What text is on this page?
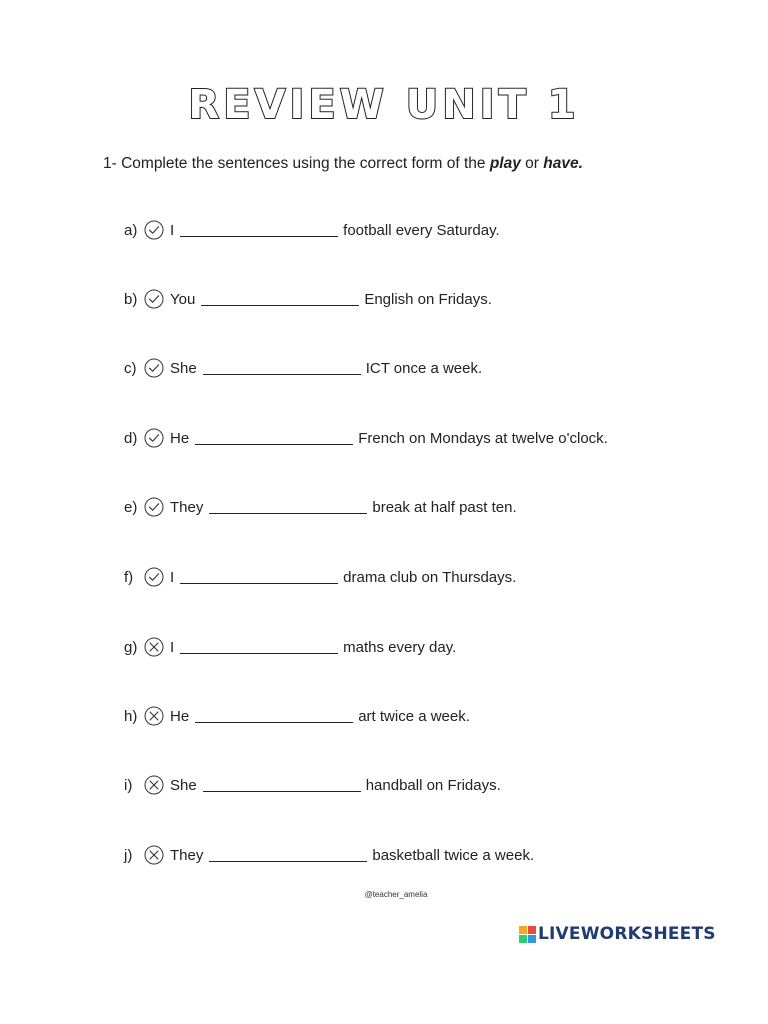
REVIEW UNIT 1
1- Complete the sentences using the correct form of the play or have.
a)	I	football every Saturday.
b)	You	English on Fridays.
c)	She	ICT once a week.
d)	He	French on Mondays at twelve o'clock.
e)	They	break at half past ten.
f)	I	drama club on Thursdays.
g)	I	maths every day.
h)	He	art twice a week.
i)	She	handball on Fridays.
j)	They	basketball twice a week.
@teacher_amelia
LIVEWORKSHEETS
